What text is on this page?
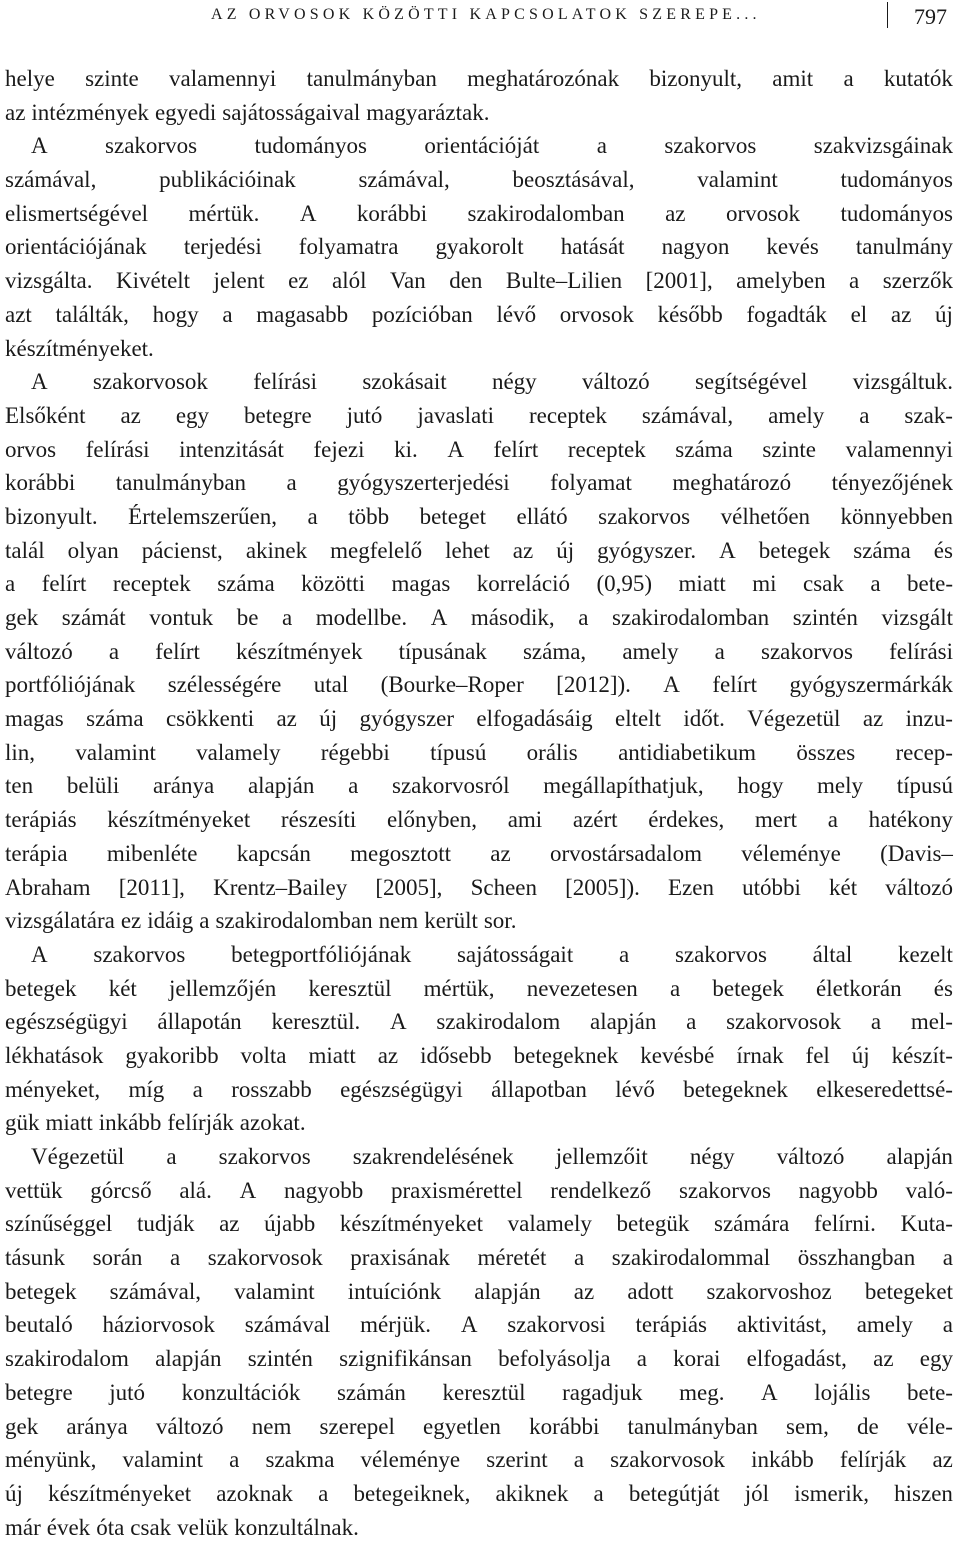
AZ ORVOSOK KÖZÖTTI KAPCSOLATOK SZEREPE...	797
helye szinte valamennyi tanulmányban meghatározónak bizonyult, amit a kutatók
az intézmények egyedi sajátosságaival magyaráztak.
A szakorvos tudományos orientációját a szakorvos szakvizsgáinak
számával,	publikációinak	számával,	beosztásával,	valamint	tudományos
elismertségével mértük. A korábbi szakirodalomban az orvosok tudományos
orientációjának terjedési folyamatra gyakorolt hatását nagyon kevés tanulmány
vizsgálta. Kivételt jelent ez alól Van den Bulte–Lilien [2001], amelyben a szerzők
azt találták, hogy a magasabb pozícióban lévő orvosok később fogadták el az új
készítményeket.
A szakorvosok felírási szokásait négy változó segítségével vizsgáltuk.
Elsőként az egy betegre jutó javaslati receptek számával, amely a szak-
orvos felírási intenzitását fejezi ki. A felírt receptek száma szinte valamennyi
korábbi tanulmányban a gyógyszerterjedési folyamat meghatározó tényezőjének
bizonyult. Értelemszerűen, a több beteget ellátó szakorvos vélhetően könnyebben
talál olyan pácienst, akinek megfelelő lehet az új gyógyszer. A betegek száma és
a felírt receptek száma közötti magas korreláció (0,95) miatt mi csak a bete-
gek számát vontuk be a modellbe. A második, a szakirodalomban szintén vizsgált
változó a felírt készítmények típusának száma, amely a szakorvos felírási
portfóliójának szélességére utal (Bourke–Roper [2012]). A felírt gyógyszermárkák
magas száma csökkenti az új gyógyszer elfogadásáig eltelt időt. Végezetül az inzu-
lin, valamint valamely régebbi típusú orális antidiabetikum összes recep-
ten belüli aránya alapján a szakorvosról megállapíthatjuk, hogy mely típusú
terápiás készítményeket részesíti előnyben, ami azért érdekes, mert a hatékony
terápia mibenléte kapcsán megosztott az orvostársadalom véleménye (Davis–
Abraham [2011], Krentz–Bailey [2005], Scheen [2005]). Ezen utóbbi két változó
vizsgálatára ez idáig a szakirodalomban nem került sor.
A szakorvos betegportfóliójának sajátosságait a szakorvos által kezelt
betegek két jellemzőjén keresztül mértük, nevezetesen a betegek életkorán és
egészségügyi állapotán keresztül. A szakirodalom alapján a szakorvosok a mel-
lékhatások gyakoribb volta miatt az idősebb betegeknek kevésbé írnak fel új készít-
ményeket, míg a rosszabb egészségügyi állapotban lévő betegeknek elkeseredettsé-
gük miatt inkább felírják azokat.
Végezetül a szakorvos szakrendelésének jellemzőit négy változó alapján
vettük górcső alá. A nagyobb praxismérettel rendelkező szakorvos nagyobb való-
színűséggel tudják az újabb készítményeket valamely betegük számára felírni. Kuta-
tásunk során a szakorvosok praxisának méretét a szakirodalommal összhangban a
betegek számával, valamint intuíciónk alapján az adott szakorvoshoz betegeket
beutaló háziorvosok számával mérjük. A szakorvosi terápiás aktivitást, amely a
szakirodalom alapján szintén szignifikánsan befolyásolja a korai elfogadást, az egy
betegre jutó konzultációk számán keresztül ragadjuk meg. A lojális bete-
gek aránya változó nem szerepel egyetlen korábbi tanulmányban sem, de véle-
ményünk, valamint a szakma véleménye szerint a szakorvosok inkább felírják az
új készítményeket azoknak a betegeiknek, akiknek a betegútját jól ismerik, hiszen
már évek óta csak velük konzultálnak.
